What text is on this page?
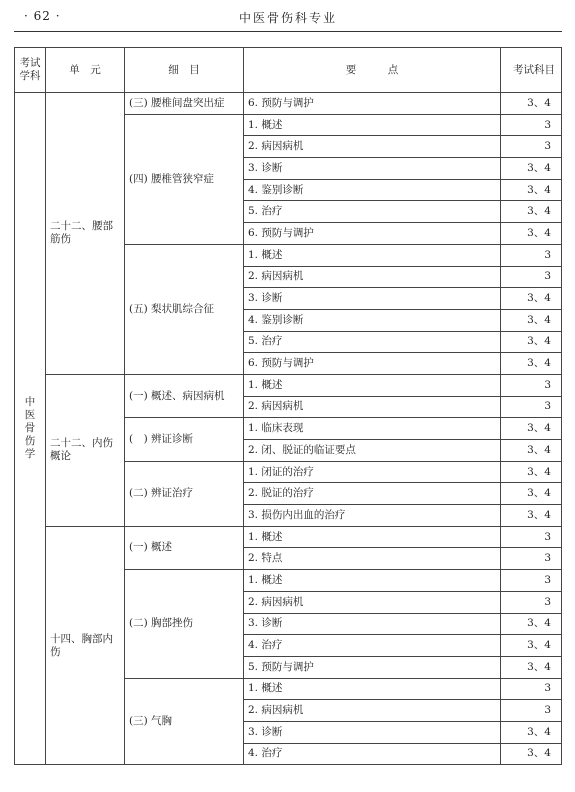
· 62 ·	中医骨伤科专业
考试学科	单　元	细　目	要　　　点	考试科目
中医骨伤学	二十二、腰部筋伤	(三) 腰椎间盘突出症	6. 预防与调护	3、4

		(四) 腰椎管狭窄症	1. 概述	3
			2. 病因病机	3
			3. 诊断	3、4
			4. 鉴别诊断	3、4
			5. 治疗	3、4
			6. 预防与调护	3、4

		(五) 梨状肌综合征	1. 概述	3
			2. 病因病机	3
			3. 诊断	3、4
			4. 鉴别诊断	3、4
			5. 治疗	3、4
			6. 预防与调护	3、4

	二十二、内伤概论	(一) 概述、病因病机	1. 概述	3
			2. 病因病机	3

		(　) 辨证诊断	1. 临床表现	3、4
			2. 闭、脱证的临证要点	3、4

		(二) 辨证治疗	1. 闭证的治疗	3、4
			2. 脱证的治疗	3、4
			3. 损伤内出血的治疗	3、4

	十四、胸部内伤	(一) 概述	1. 概述	3
			2. 特点	3

		(二) 胸部挫伤	1. 概述	3
			2. 病因病机	3
			3. 诊断	3、4
			4. 治疗	3、4
			5. 预防与调护	3、4

		(三) 气胸	1. 概述	3
			2. 病因病机	3
			3. 诊断	3、4
			4. 治疗	3、4
